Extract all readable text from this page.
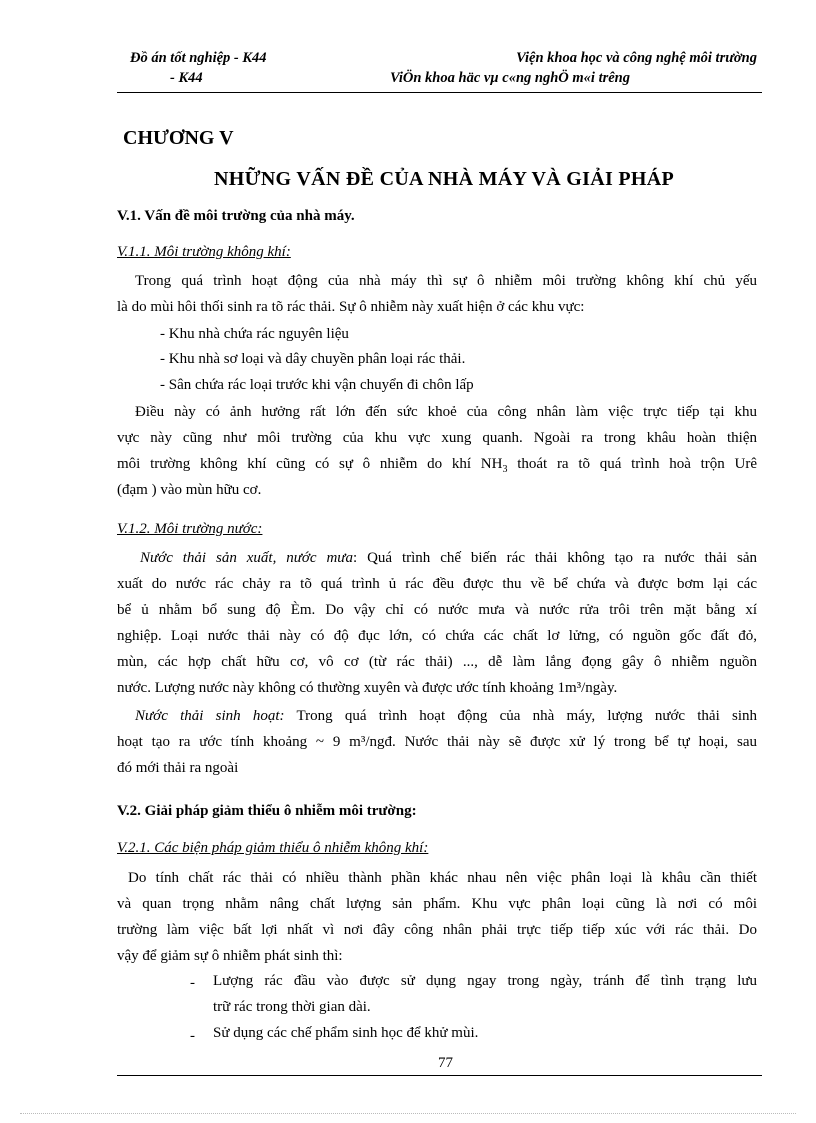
Đồ án tốt nghiệp - K44	Viện khoa học và công nghệ môi trường
- K44	ViÖn khoa häc vµ c«ng nghÖ m«i trêng
CHƯƠNG V
NHỮNG VẤN ĐỀ CỦA NHÀ MÁY VÀ GIẢI PHÁP
V.1. Vấn đề môi trường của nhà máy.
V.1.1. Môi trường không khí:
Trong quá trình hoạt động của nhà máy thì sự ô nhiễm môi trường không khí chủ yếu
là do mùi hôi thối sinh ra tõ rác thải. Sự ô nhiễm này xuất hiện ở các khu vực:
- Khu nhà chứa rác nguyên liệu
- Khu nhà sơ loại và dây chuyền phân loại rác thải.
- Sân chứa rác loại trước khi vận chuyển đi chôn lấp
Điều này có ảnh hưởng rất lớn đến sức khoẻ của công nhân làm việc trực tiếp tại khu
vực này cũng như môi trường của khu vực xung quanh. Ngoài ra trong khâu hoàn thiện
môi trường không khí cũng có sự ô nhiễm do khí $NH_3$ thoát ra tõ quá trình hoà trộn Urê
(đạm ) vào mùn hữu cơ.
V.1.2. Môi trường nước:
Nước thải sản xuất, nước mưa: Quá trình chế biến rác thải không tạo ra nước thải sản
xuất do nước rác chảy ra tõ quá trình ủ rác đều được thu về bể chứa và được bơm lại các
bể ủ nhằm bổ sung độ Èm. Do vậy chỉ có nước mưa và nước rửa trôi trên mặt bằng xí
nghiệp. Loại nước thải này có độ đục lớn, có chứa các chất lơ lửng, có nguồn gốc đất đỏ,
mùn, các hợp chất hữu cơ, vô cơ (từ rác thải) ..., dễ làm lắng đọng gây ô nhiễm nguồn
nước. Lượng nước này không có thường xuyên và được ước tính khoảng 1m³/ngày.
Nước thải sinh hoạt: Trong quá trình hoạt động của nhà máy, lượng nước thải sinh
hoạt tạo ra ước tính khoảng ~ 9 m³/ngđ. Nước thải này sẽ được xử lý trong bể tự hoại, sau
đó mới thải ra ngoài
V.2. Giải pháp giảm thiểu ô nhiễm môi trường:
V.2.1. Các biện pháp giảm thiểu ô nhiễm không khí:
Do tính chất rác thải có nhiều thành phần khác nhau nên việc phân loại là khâu cần thiết
và quan trọng nhằm nâng chất lượng sản phẩm. Khu vực phân loại cũng là nơi có môi
trường làm việc bất lợi nhất vì nơi đây công nhân phải trực tiếp tiếp xúc với rác thải. Do
vậy để giảm sự ô nhiễm phát sinh thì:
- Lượng rác đầu vào được sử dụng ngay trong ngày, tránh để tình trạng lưu
trữ rác trong thời gian dài.
- Sử dụng các chế phẩm sinh học để khử mùi.
77
